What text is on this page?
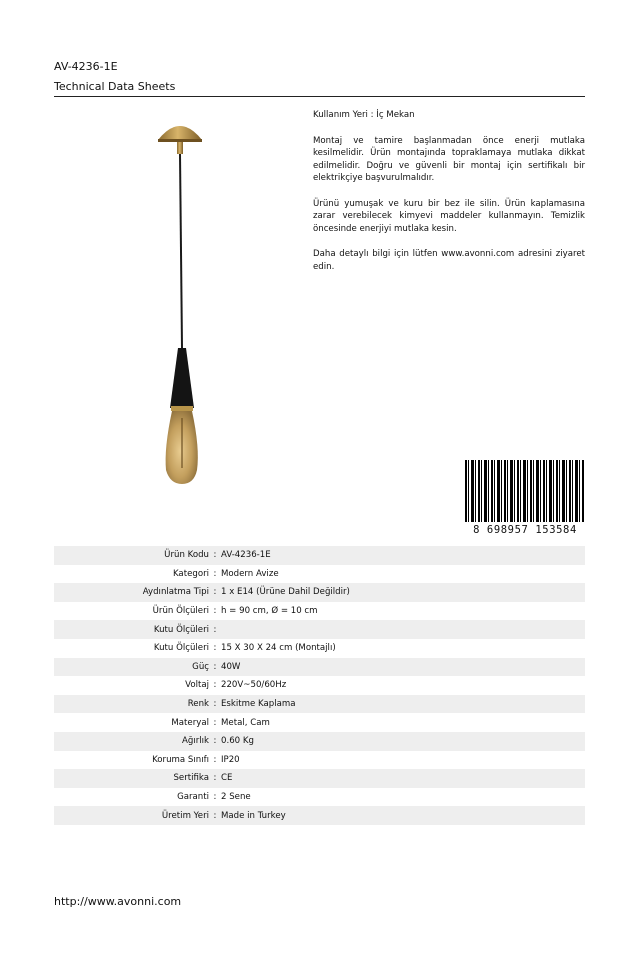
AV-4236-1E
Technical Data Sheets

Kullanım Yeri : İç Mekan

Montaj ve tamire başlanmadan önce enerji mutlaka kesilmelidir. Ürün montajında topraklamaya mutlaka dikkat edilmelidir. Doğru ve güvenli bir montaj için sertifikalı bir elektrikçiye başvurulmalıdır.

Ürünü yumuşak ve kuru bir bez ile silin. Ürün kaplamasına zarar verebilecek kimyevi maddeler kullanmayın. Temizlik öncesinde enerjiyi mutlaka kesin.

Daha detaylı bilgi için lütfen www.avonni.com adresini ziyaret edin.

8 698957 153584
Ürün Kodu : AV-4236-1E
Kategori : Modern Avize
Aydınlatma Tipi : 1 x E14 (Ürüne Dahil Değildir)
Ürün Ölçüleri : h = 90 cm, Ø = 10 cm
Kutu Ölçüleri :
Kutu Ölçüleri : 15 X 30 X 24 cm (Montajlı)
Güç : 40W
Voltaj : 220V~50/60Hz
Renk : Eskitme Kaplama
Materyal : Metal, Cam
Ağırlık : 0.60 Kg
Koruma Sınıfı : IP20
Sertifika : CE
Garanti : 2 Sene
Üretim Yeri : Made in Turkey
http://www.avonni.com
